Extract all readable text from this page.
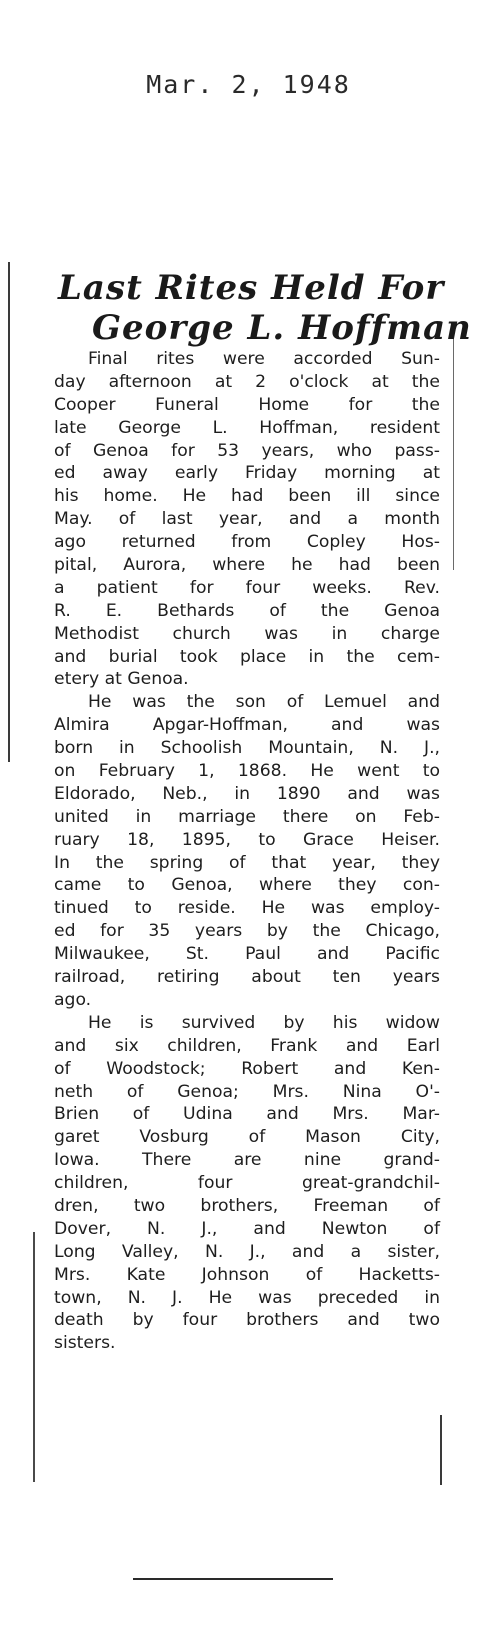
Mar. 2, 1948
Last Rites Held For
George L. Hoffman
Final rites were accorded Sun-
day afternoon at 2 o'clock at the
Cooper Funeral Home for the
late George L. Hoffman, resident
of Genoa for 53 years, who pass-
ed away early Friday morning at
his home. He had been ill since
May. of last year, and a month
ago returned from Copley Hos-
pital, Aurora, where he had been
a patient for four weeks. Rev.
R. E. Bethards of the Genoa
Methodist church was in charge
and burial took place in the cem-
etery at Genoa.
He was the son of Lemuel and
Almira Apgar-Hoffman, and was
born in Schoolish Mountain, N. J.,
on February 1, 1868. He went to
Eldorado, Neb., in 1890 and was
united in marriage there on Feb-
ruary 18, 1895, to Grace Heiser.
In the spring of that year, they
came to Genoa, where they con-
tinued to reside. He was employ-
ed for 35 years by the Chicago,
Milwaukee, St. Paul and Pacific
railroad, retiring about ten years
ago.
He is survived by his widow
and six children, Frank and Earl
of Woodstock; Robert and Ken-
neth of Genoa; Mrs. Nina O'-
Brien of Udina and Mrs. Mar-
garet Vosburg of Mason City,
Iowa. There are nine grand-
children, four great-grandchil-
dren, two brothers, Freeman of
Dover, N. J., and Newton of
Long Valley, N. J., and a sister,
Mrs. Kate Johnson of Hacketts-
town, N. J. He was preceded in
death by four brothers and two
sisters.
